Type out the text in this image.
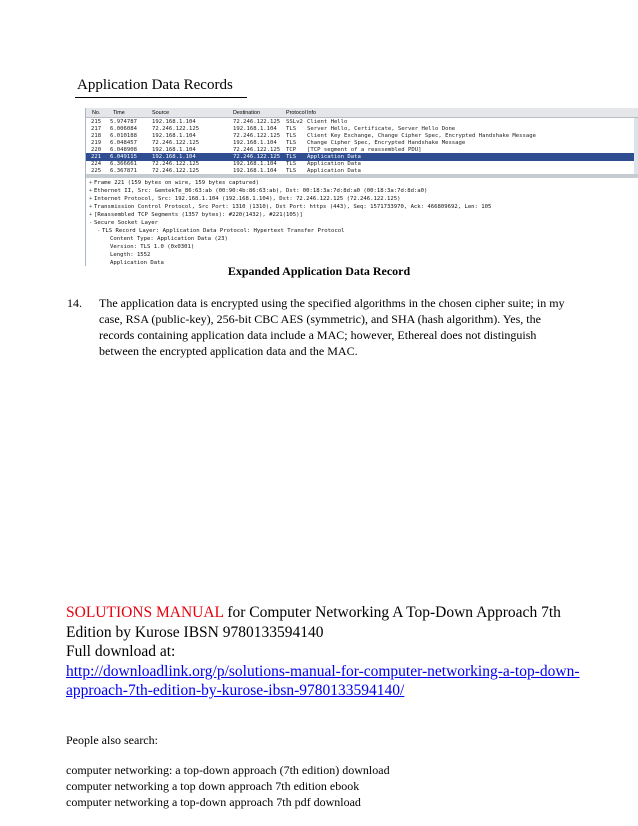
Application Data Records
No. Time	Source	Destination	Protocol Info
215 5.974787	192.168.1.104	72.246.122.125 SSLv2 Client Hello
217 6.006084	72.246.122.125	192.168.1.104 TLS Server Hello, Certificate, Server Hello Done
218 6.010188	192.168.1.104	72.246.122.125 TLS Client Key Exchange, Change Cipher Spec, Encrypted Handshake Message
219 6.048457	72.246.122.125	192.168.1.104 TLS Change Cipher Spec, Encrypted Handshake Message
220 6.048908	192.168.1.104	72.246.122.125 TCP [TCP segment of a reassembled PDU]
221 6.049115	192.168.1.104	72.246.122.125 TLS Application Data
224 6.366661	72.246.122.125	192.168.1.104 TLS Application Data
225 6.367871	72.246.122.125	192.168.1.104 TLS Application Data
+ Frame 221 (159 bytes on wire, 159 bytes captured)
+ Ethernet II, Src: GemtekTe_86:63:ab (00:90:4b:86:63:ab), Dst: 00:18:3a:7d:8d:a0 (00:18:3a:7d:8d:a0)
+ Internet Protocol, Src: 192.168.1.104 (192.168.1.104), Dst: 72.246.122.125 (72.246.122.125)
+ Transmission Control Protocol, Src Port: 1310 (1310), Dst Port: https (443), Seq: 1571733970, Ack: 466809692, Len: 105
+ [Reassembled TCP Segments (1357 bytes): #220(1432), #221(105)]
- Secure Socket Layer
- TLS Record Layer: Application Data Protocol: Hypertext Transfer Protocol
Content Type: Application Data (23)
Version: TLS 1.0 (0x0301)
Length: 1552
Application Data
Expanded Application Data Record
14. The application data is encrypted using the specified algorithms in the chosen cipher suite; in my case, RSA (public-key), 256-bit CBC AES (symmetric), and SHA (hash algorithm). Yes, the records containing application data include a MAC; however, Ethereal does not distinguish between the encrypted application data and the MAC.
SOLUTIONS MANUAL for Computer Networking A Top-Down Approach 7th Edition by Kurose IBSN 9780133594140
Full download at:
http://downloadlink.org/p/solutions-manual-for-computer-networking-a-top-down-approach-7th-edition-by-kurose-ibsn-9780133594140/
People also search:
computer networking: a top-down approach (7th edition) download
computer networking a top down approach 7th edition ebook
computer networking a top-down approach 7th pdf download
